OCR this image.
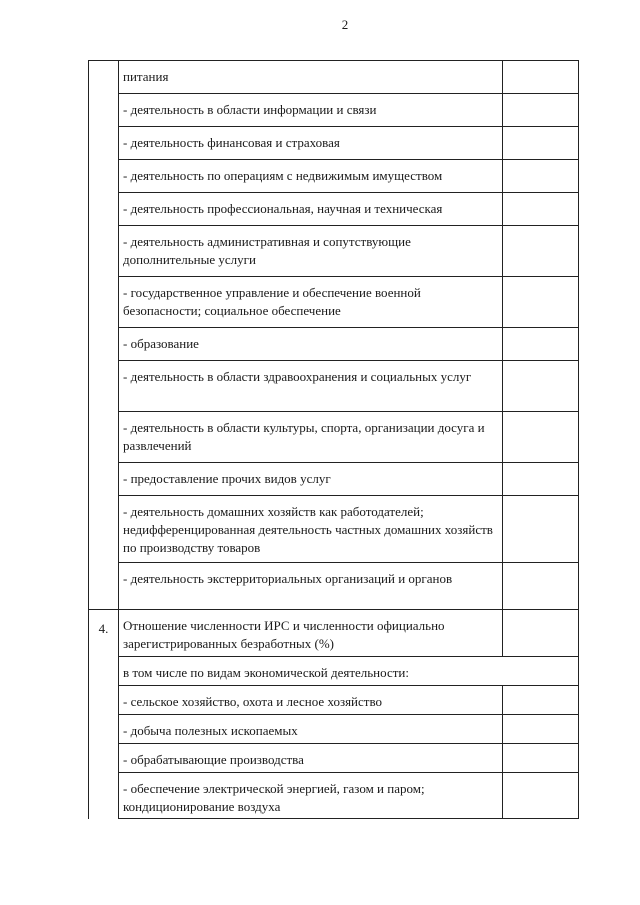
2
	питания	
	- деятельность в области информации и связи	
	- деятельность финансовая и страховая	
	- деятельность по операциям с недвижимым имуществом	
	- деятельность профессиональная, научная и техническая	
	- деятельность административная и сопутствующие дополнительные услуги	
	- государственное управление и обеспечение военной безопасности; социальное обеспечение	
	- образование	
	- деятельность в области здравоохранения и социальных услуг	
	- деятельность в области культуры, спорта, организации досуга и развлечений	
	- предоставление прочих видов услуг	
	- деятельность домашних хозяйств как работодателей; недифференцированная деятельность частных домашних хозяйств по производству товаров	
	- деятельность экстерриториальных организаций и органов	
4.	Отношение численности ИРС и численности официально зарегистрированных безработных (%)	
	в том числе по видам экономической деятельности:	
	- сельское хозяйство, охота и лесное хозяйство	
	- добыча полезных ископаемых	
	- обрабатывающие производства	
	- обеспечение электрической энергией, газом и паром; кондиционирование воздуха	
